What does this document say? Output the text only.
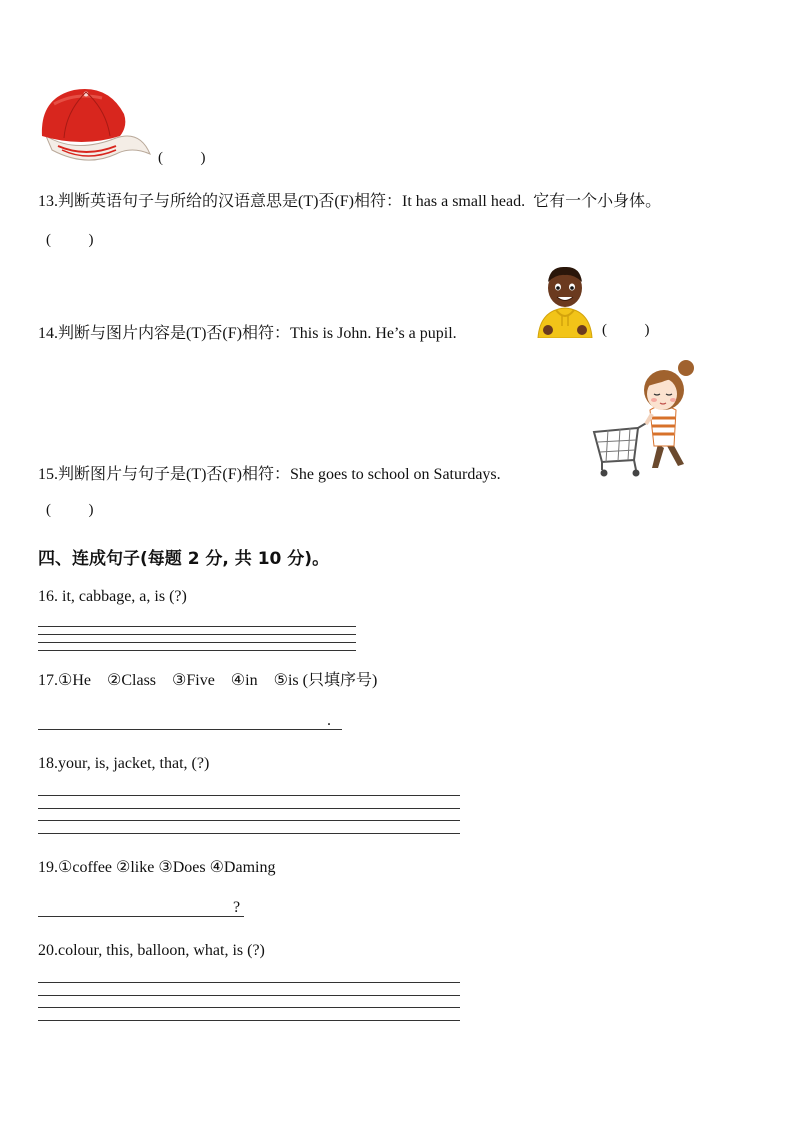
(          )
13.判断英语句子与所给的汉语意思是(T)否(F)相符：It has a small head. 它有一个小身体。
(          )
14.判断与图片内容是(T)否(F)相符：This is John. He’s a pupil.	(          )
15.判断图片与句子是(T)否(F)相符：She goes to school on Saturdays.
(          )
四、连成句子(每题 2 分, 共 10 分)。
16. it, cabbage, a, is (?)
17.①He    ②Class    ③Five    ④in    ⑤is (只填序号)
.
18.your, is, jacket, that, (?)
19.①coffee ②like ③Does ④Daming
?
20.colour, this, balloon, what, is (?)
